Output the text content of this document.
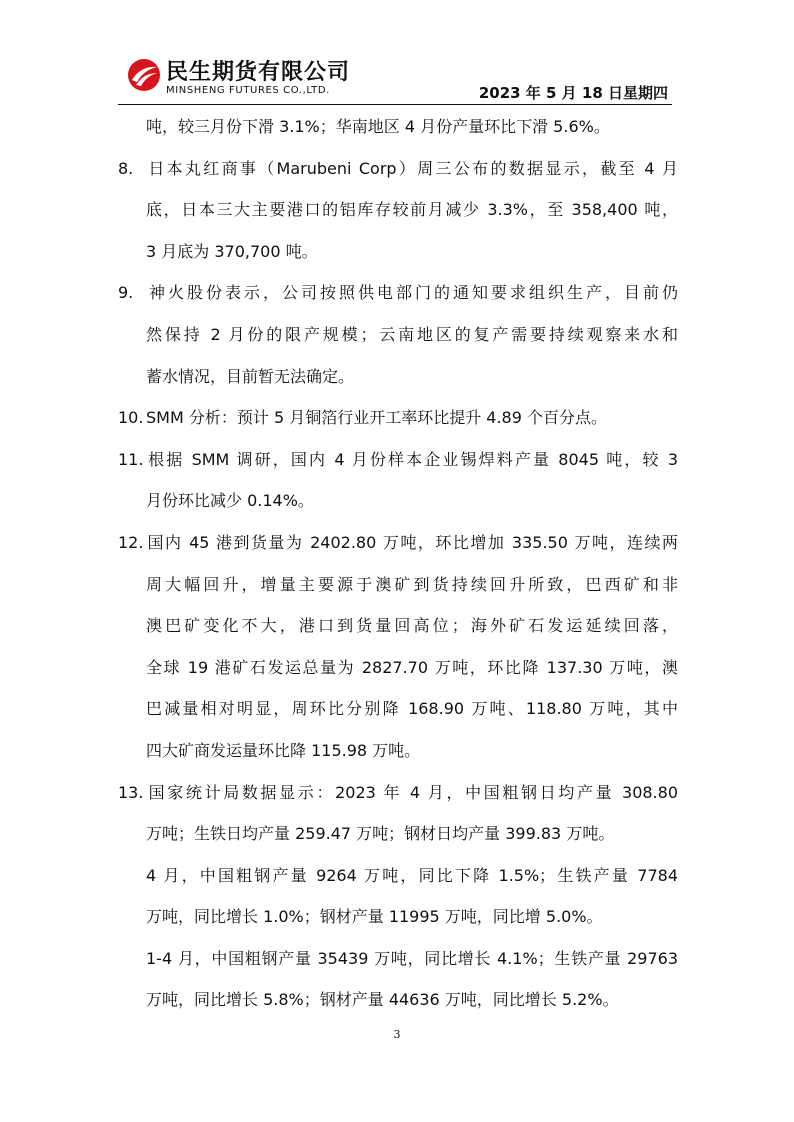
民生期货有限公司
MINSHENG FUTURES CO.,LTD.	2023 年 5 月 18 日星期四
吨，较三月份下滑 3.1%；华南地区 4 月份产量环比下滑 5.6%。
8. 日本丸红商事（Marubeni Corp）周三公布的数据显示，截至 4 月
底，日本三大主要港口的铝库存较前月减少 3.3%，至 358,400 吨，
3 月底为 370,700 吨。
9. 神火股份表示，公司按照供电部门的通知要求组织生产，目前仍
然保持 2 月份的限产规模；云南地区的复产需要持续观察来水和
蓄水情况，目前暂无法确定。
10. SMM 分析：预计 5 月铜箔行业开工率环比提升 4.89 个百分点。
11. 根据 SMM 调研，国内 4 月份样本企业锡焊料产量 8045 吨，较 3
月份环比减少 0.14%。
12. 国内 45 港到货量为 2402.80 万吨，环比增加 335.50 万吨，连续两
周大幅回升，增量主要源于澳矿到货持续回升所致，巴西矿和非
澳巴矿变化不大，港口到货量回高位；海外矿石发运延续回落，
全球 19 港矿石发运总量为 2827.70 万吨，环比降 137.30 万吨，澳
巴减量相对明显，周环比分别降 168.90 万吨、118.80 万吨，其中
四大矿商发运量环比降 115.98 万吨。
13. 国家统计局数据显示：2023 年 4 月，中国粗钢日均产量 308.80
万吨；生铁日均产量 259.47 万吨；钢材日均产量 399.83 万吨。
4 月，中国粗钢产量 9264 万吨，同比下降 1.5%；生铁产量 7784
万吨，同比增长 1.0%；钢材产量 11995 万吨，同比增 5.0%。
1-4 月，中国粗钢产量 35439 万吨，同比增长 4.1%；生铁产量 29763
万吨，同比增长 5.8%；钢材产量 44636 万吨，同比增长 5.2%。
3
